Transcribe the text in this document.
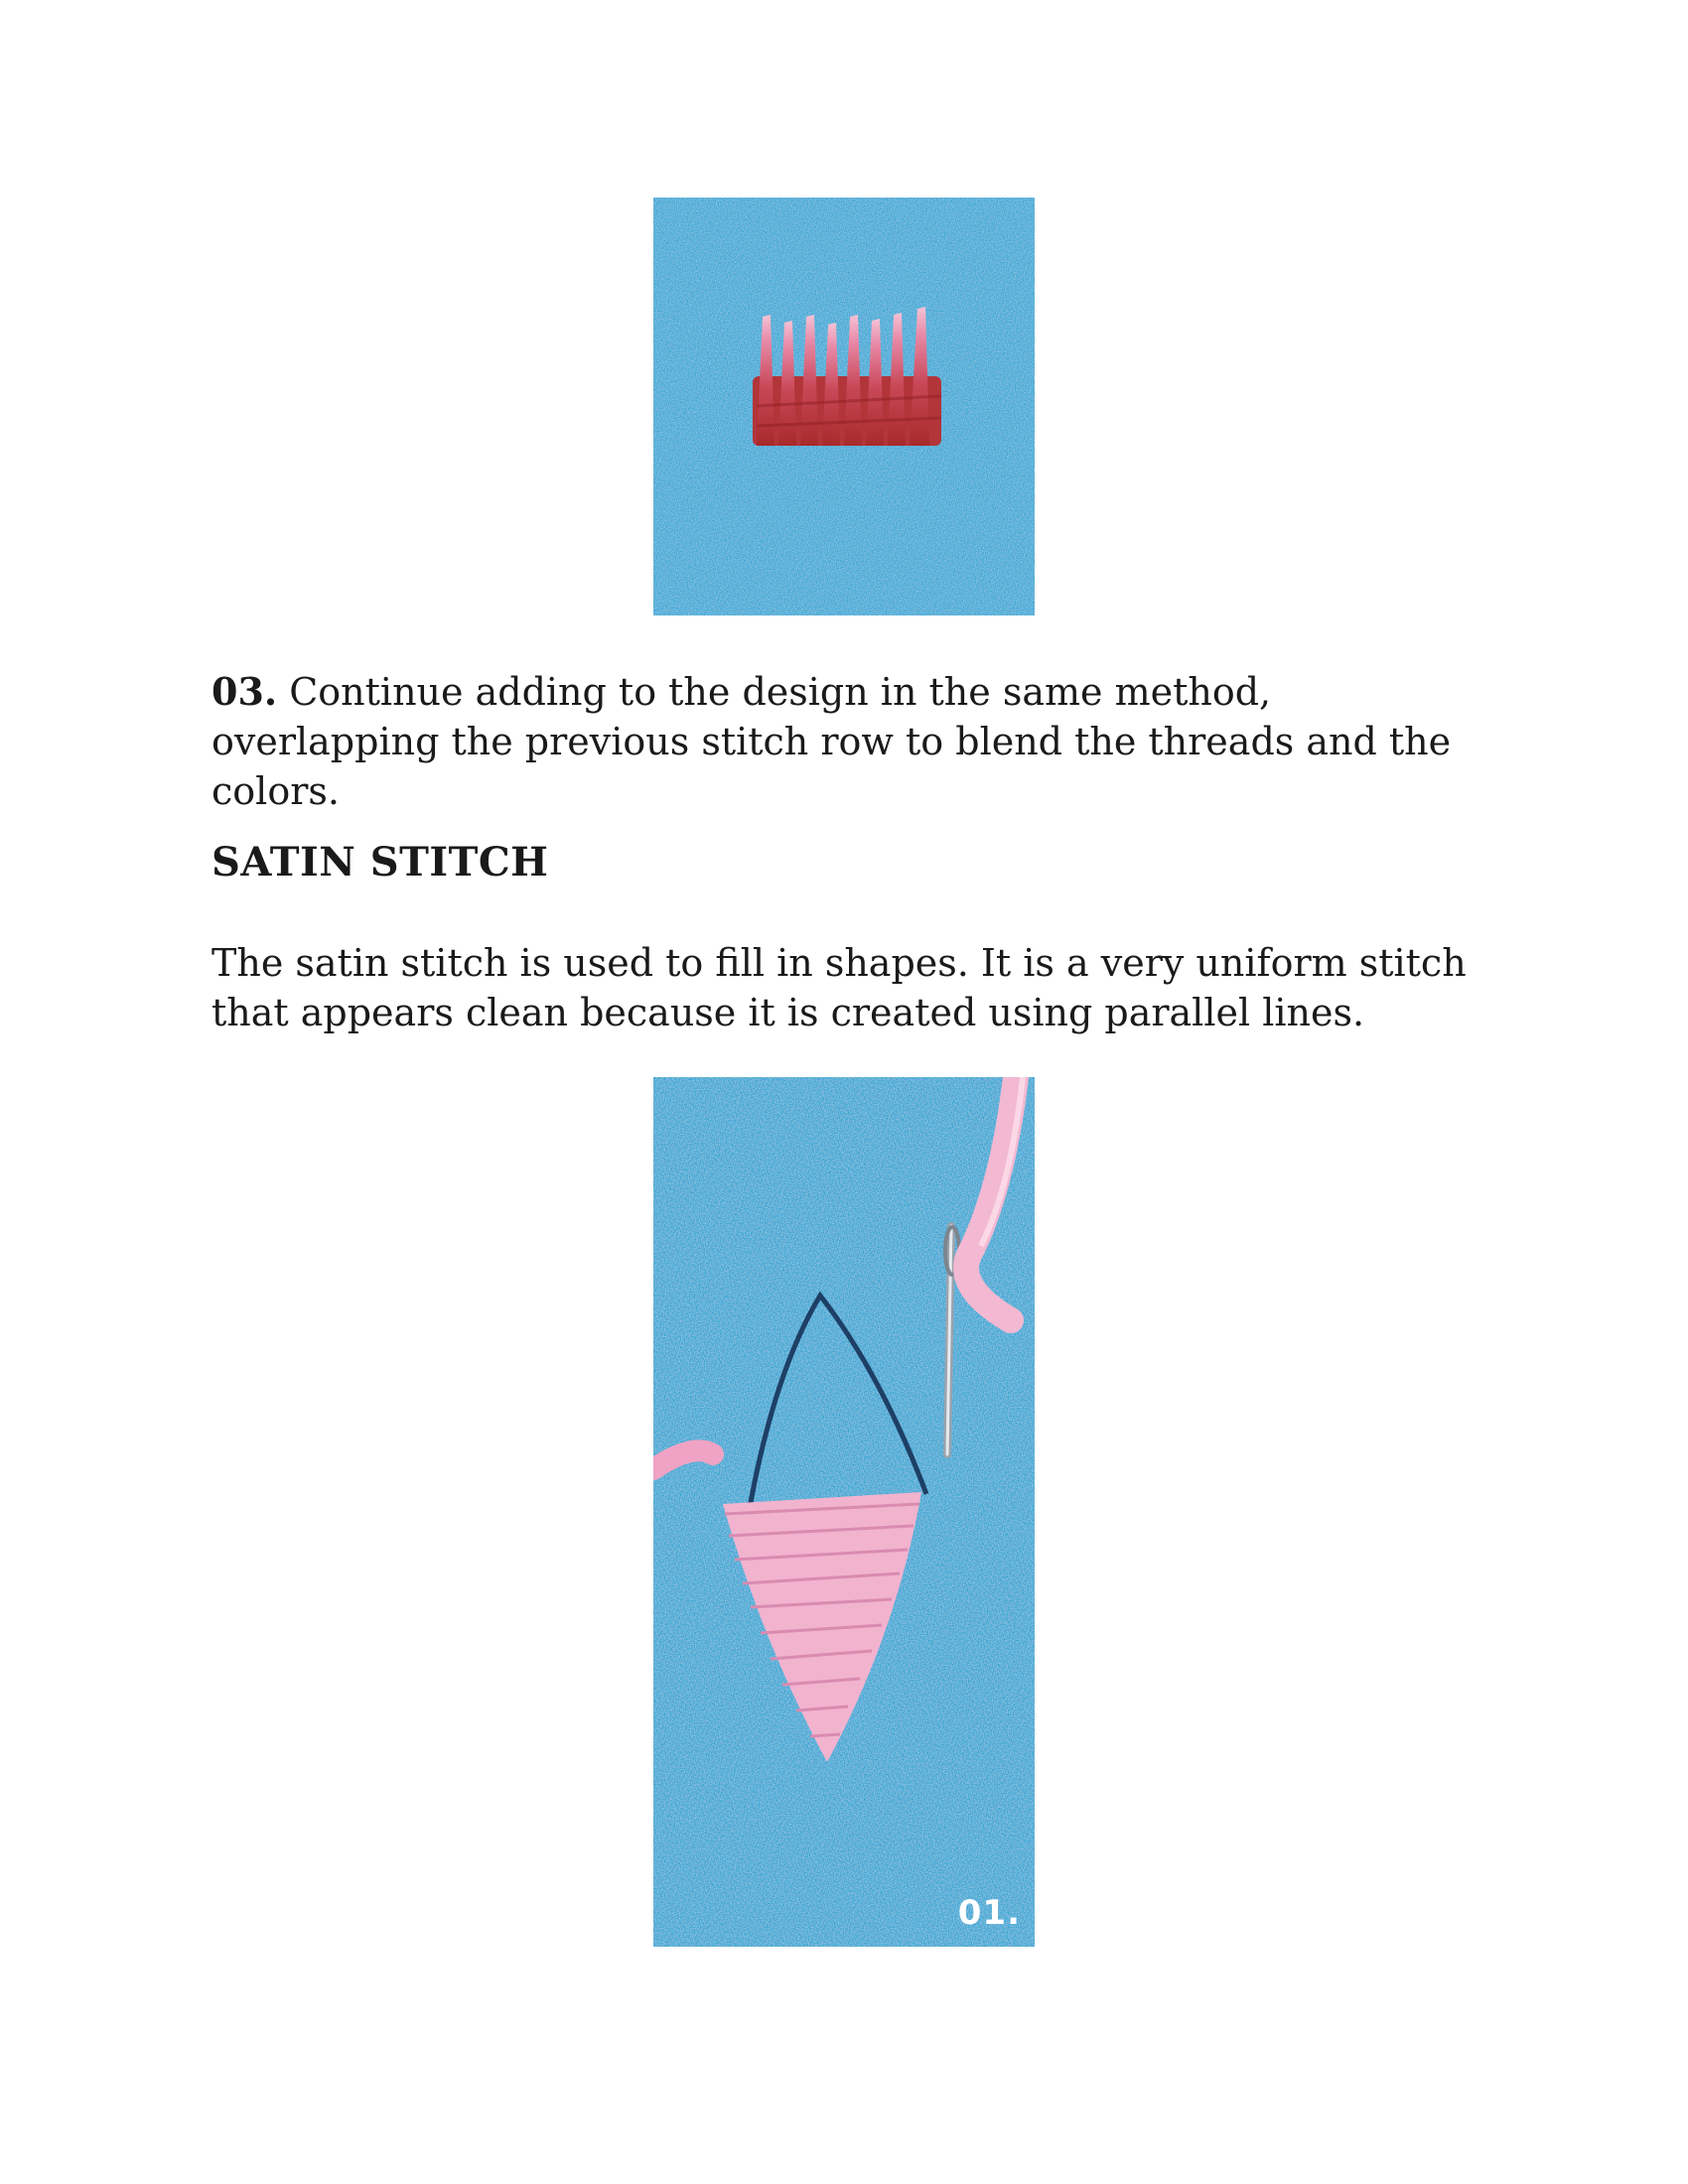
03. Continue adding to the design in the same method, overlapping the previous stitch row to blend the threads and the colors.

SATIN STITCH

The satin stitch is used to fill in shapes. It is a very uniform stitch that appears clean because it is created using parallel lines.

01.
